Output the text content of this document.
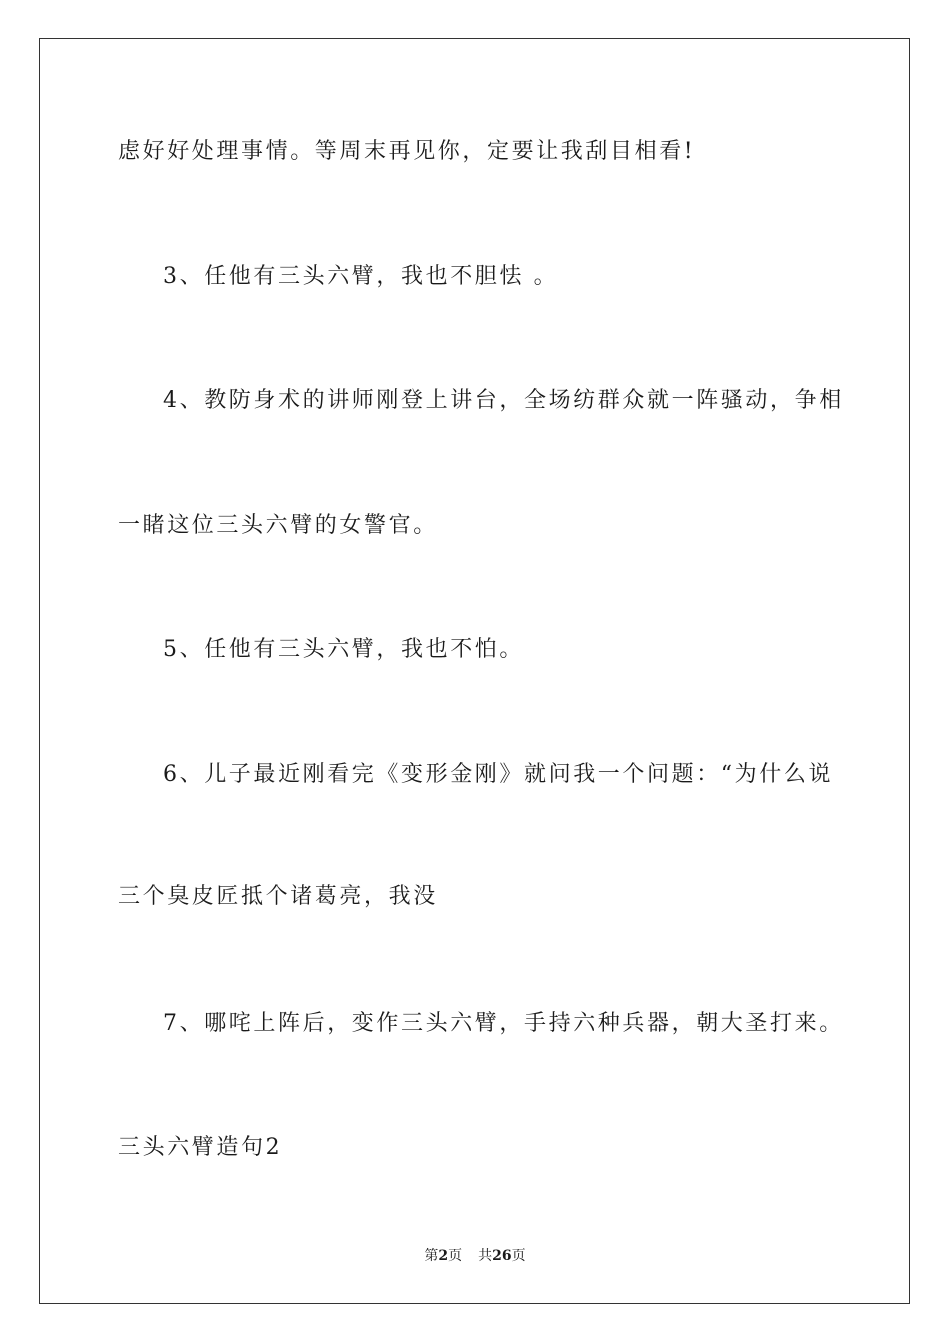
虑好好处理事情。等周末再见你，定要让我刮目相看!
3、任他有三头六臂，我也不胆怯 。
4、教防身术的讲师刚登上讲台，全场纺群众就一阵骚动，争相
一睹这位三头六臂的女警官。
5、任他有三头六臂，我也不怕。
6、儿子最近刚看完《变形金刚》就问我一个问题：“为什么说
三个臭皮匠抵个诸葛亮，我没
7、哪咤上阵后，变作三头六臂，手持六种兵器，朝大圣打来。
三头六臂造句2
第2页 共26页
